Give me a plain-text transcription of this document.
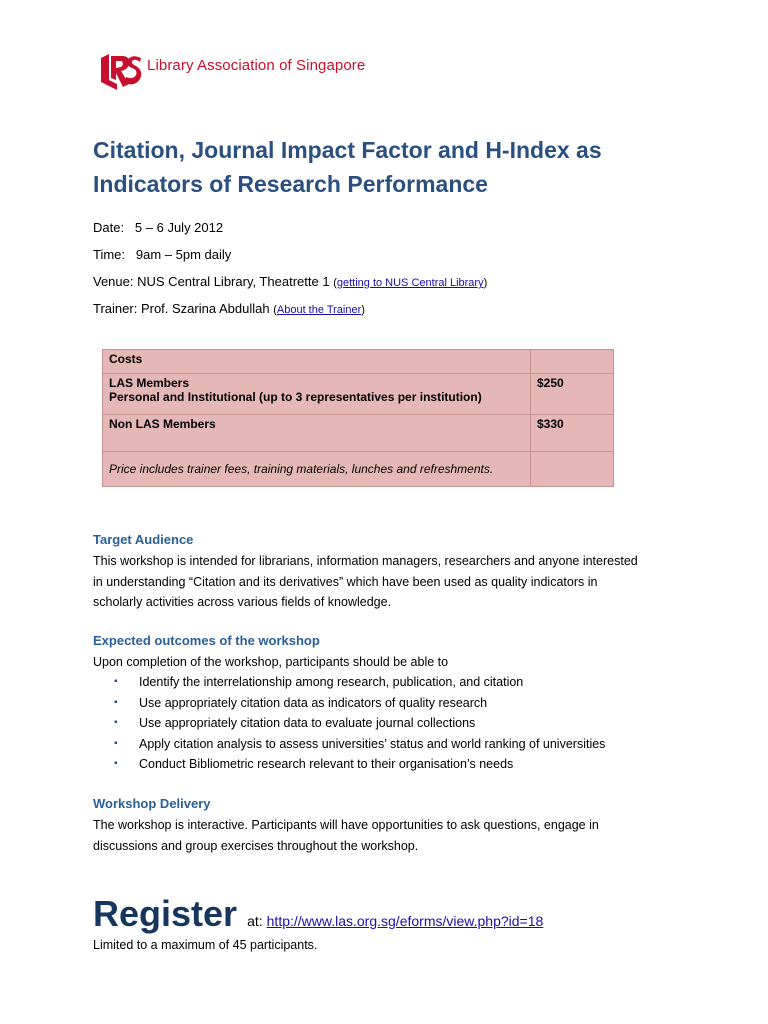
Library Association of Singapore
Citation, Journal Impact Factor and H-Index as
Indicators of Research Performance
Date: 5 – 6 July 2012
Time: 9am – 5pm daily
Venue: NUS Central Library, Theatrette 1 (getting to NUS Central Library)
Trainer: Prof. Szarina Abdullah (About the Trainer)
Costs	

LAS Members
Personal and Institutional (up to 3 representatives per institution)	$250
Non LAS Members	$330
Price includes trainer fees, training materials, lunches and refreshments.	
Target Audience
This workshop is intended for librarians, information managers, researchers and anyone interested
in understanding “Citation and its derivatives” which have been used as quality indicators in
scholarly activities across various fields of knowledge.
Expected outcomes of the workshop
Upon completion of the workshop, participants should be able to
▪	Identify the interrelationship among research, publication, and citation
▪	Use appropriately citation data as indicators of quality research
▪	Use appropriately citation data to evaluate journal collections
▪	Apply citation analysis to assess universities’ status and world ranking of universities
▪	Conduct Bibliometric research relevant to their organisation’s needs
Workshop Delivery
The workshop is interactive. Participants will have opportunities to ask questions, engage in
discussions and group exercises throughout the workshop.
Register at: http://www.las.org.sg/eforms/view.php?id=18
Limited to a maximum of 45 participants.
